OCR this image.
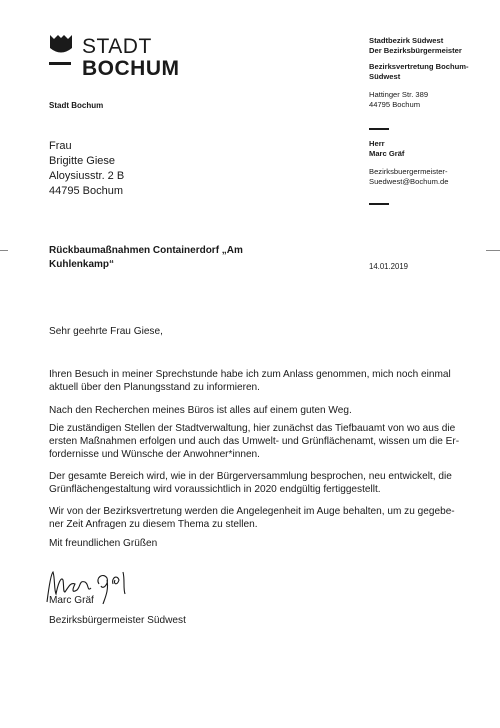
STADT
BOCHUM
Stadt Bochum
Stadtbezirk Südwest
Der Bezirksbürgermeister
Bezirksvertretung Bochum-
Südwest
Hattinger Str. 389
44795 Bochum
Herr
Marc Gräf
Bezirksbuergermeister-
Suedwest@Bochum.de
Frau
Brigitte Giese
Aloysiusstr. 2 B
44795 Bochum
Rückbaumaßnahmen Containerdorf „Am
Kuhlenkamp“	14.01.2019
Sehr geehrte Frau Giese,

Ihren Besuch in meiner Sprechstunde habe ich zum Anlass genommen, mich noch einmal

aktuell über den Planungsstand zu informieren.

Nach den Recherchen meines Büros ist alles auf einem guten Weg.

Die zuständigen Stellen der Stadtverwaltung, hier zunächst das Tiefbauamt von wo aus die

ersten Maßnahmen erfolgen und auch das Umwelt- und Grünflächenamt, wissen um die Er-

fordernisse und Wünsche der Anwohner*innen.

Der gesamte Bereich wird, wie in der Bürgerversammlung besprochen, neu entwickelt, die

Grünflächengestaltung wird voraussichtlich in 2020 endgültig fertiggestellt.

Wir von der Bezirksvertretung werden die Angelegenheit im Auge behalten, um zu gegebe-

ner Zeit Anfragen zu diesem Thema zu stellen.

Mit freundlichen Grüßen
Marc Gräf
Bezirksbürgermeister Südwest
